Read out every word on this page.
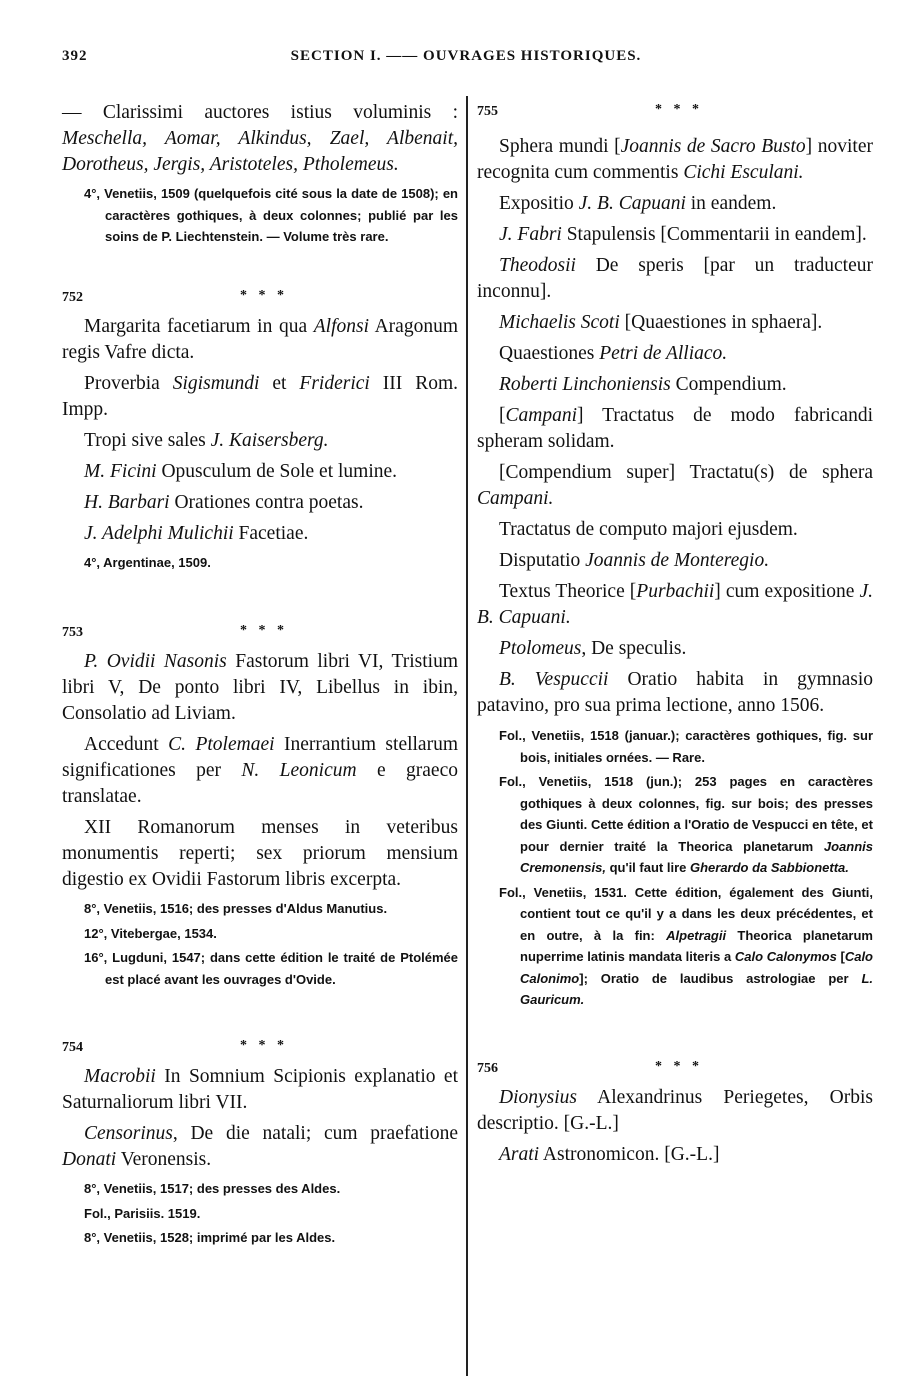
392	SECTION I. —— OUVRAGES HISTORIQUES.

— Clarissimi auctores istius voluminis : Meschella, Aomar, Alkindus, Zael, Albenait, Dorotheus, Jergis, Aristoteles, Ptholemeus.

4°, Venetiis, 1509 (quelquefois cité sous la date de 1508); en caractères gothiques, à deux colonnes; publié par les soins de P. Liechtenstein. — Volume très rare.

752	* * *

Margarita facetiarum in qua Alfonsi Aragonum regis Vafre dicta.

Proverbia Sigismundi et Friderici III Rom. Impp.

Tropi sive sales J. Kaisersberg.

M. Ficini Opusculum de Sole et lumine.

H. Barbari Orationes contra poetas.

J. Adelphi Mulichii Facetiae.

4°, Argentinae, 1509.

753	* * *

P. Ovidii Nasonis Fastorum libri VI, Tristium libri V, De ponto libri IV, Libellus in ibin, Consolatio ad Liviam.

Accedunt C. Ptolemaei Inerrantium stellarum significationes per N. Leonicum e graeco translatae.

XII Romanorum menses in veteribus monumentis reperti; sex priorum mensium digestio ex Ovidii Fastorum libris excerpta.

8°, Venetiis, 1516; des presses d'Aldus Manutius.

12°, Vitebergae, 1534.

16°, Lugduni, 1547; dans cette édition le traité de Ptolémée est placé avant les ouvrages d'Ovide.

754	* * *

Macrobii In Somnium Scipionis explanatio et Saturnaliorum libri VII.

Censorinus, De die natali; cum praefatione Donati Veronensis.

8°, Venetiis, 1517; des presses des Aldes.

Fol., Parisiis. 1519.

8°, Venetiis, 1528; imprimé par les Aldes.

755	* * *

Sphera mundi [Joannis de Sacro Busto] noviter recognita cum commentis Cichi Esculani.

Expositio J. B. Capuani in eandem.

J. Fabri Stapulensis [Commentarii in eandem].

Theodosii De speris [par un traducteur inconnu].

Michaelis Scoti [Quaestiones in sphaera].

Quaestiones Petri de Alliaco.

Roberti Linchoniensis Compendium.

[Campani] Tractatus de modo fabricandi spheram solidam.

[Compendium super] Tractatu(s) de sphera Campani.

Tractatus de computo majori ejusdem.

Disputatio Joannis de Monteregio.

Textus Theorice [Purbachii] cum expositione J. B. Capuani.

Ptolomeus, De speculis.

B. Vespuccii Oratio habita in gymnasio patavino, pro sua prima lectione, anno 1506.

Fol., Venetiis, 1518 (januar.); caractères gothiques, fig. sur bois, initiales ornées. — Rare.

Fol., Venetiis, 1518 (jun.); 253 pages en caractères gothiques à deux colonnes, fig. sur bois; des presses des Giunti. Cette édition a l'Oratio de Vespucci en tête, et pour dernier traité la Theorica planetarum Joannis Cremonensis, qu'il faut lire Gherardo da Sabbionetta.

Fol., Venetiis, 1531. Cette édition, également des Giunti, contient tout ce qu'il y a dans les deux précédentes, et en outre, à la fin: Alpetragii Theorica planetarum nuperrime latinis mandata literis a Calo Calonymos [Calo Calonimo]; Oratio de laudibus astrologiae per L. Gauricum.

756	* * *

Dionysius Alexandrinus Periegetes, Orbis descriptio. [G.-L.]

Arati Astronomicon. [G.-L.]
